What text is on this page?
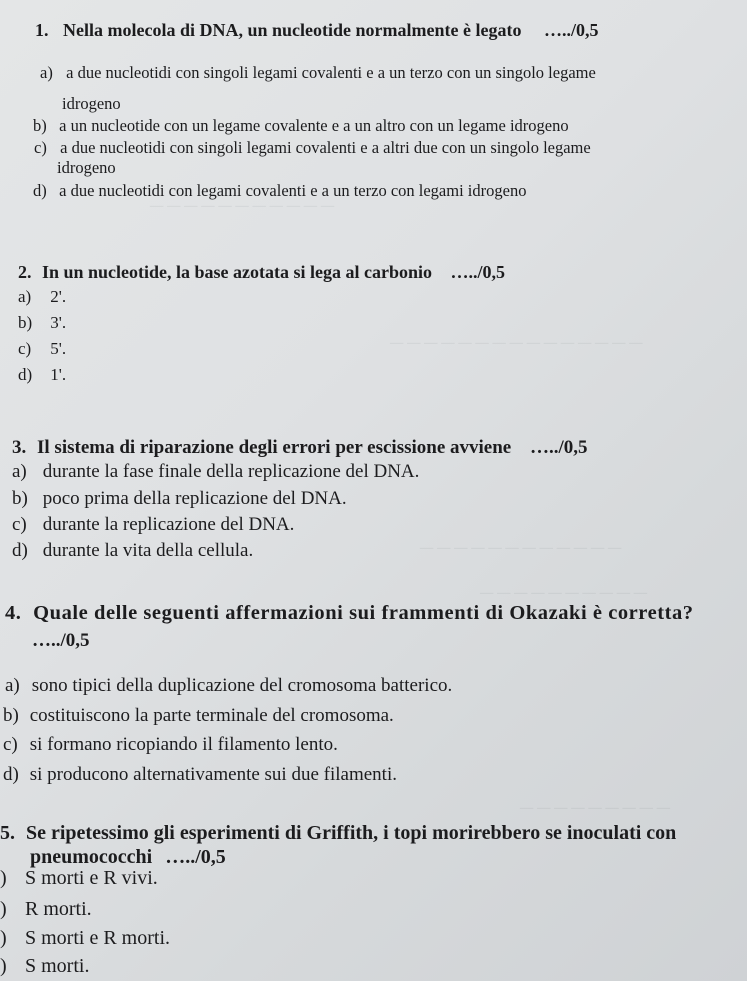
— — — — — — — — — — —
— — — — — — — — — — — — — — —
— — — — — — — — — — — —
— — — — — — — — — —
— — — — — — — — —
1. Nella molecola di DNA, un nucleotide normalmente è legato …../0,5
a) a due nucleotidi con singoli legami covalenti e a un terzo con un singolo legame
idrogeno
b) a un nucleotide con un legame covalente e a un altro con un legame idrogeno
c) a due nucleotidi con singoli legami covalenti e a altri due con un singolo legame
idrogeno
d) a due nucleotidi con legami covalenti e a un terzo con legami idrogeno
2. In un nucleotide, la base azotata si lega al carbonio …../0,5
a) 2'.
b) 3'.
c) 5'.
d) 1'.
3. Il sistema di riparazione degli errori per escissione avviene …../0,5
a) durante la fase finale della replicazione del DNA.
b) poco prima della replicazione del DNA.
c) durante la replicazione del DNA.
d) durante la vita della cellula.
4. Quale delle seguenti affermazioni sui frammenti di Okazaki è corretta?
…../0,5
a) sono tipici della duplicazione del cromosoma batterico.
b) costituiscono la parte terminale del cromosoma.
c) si formano ricopiando il filamento lento.
d) si producono alternativamente sui due filamenti.
5. Se ripetessimo gli esperimenti di Griffith, i topi morirebbero se inoculati con
pneumococchi …../0,5
) S morti e R vivi.
) R morti.
) S morti e R morti.
) S morti.
